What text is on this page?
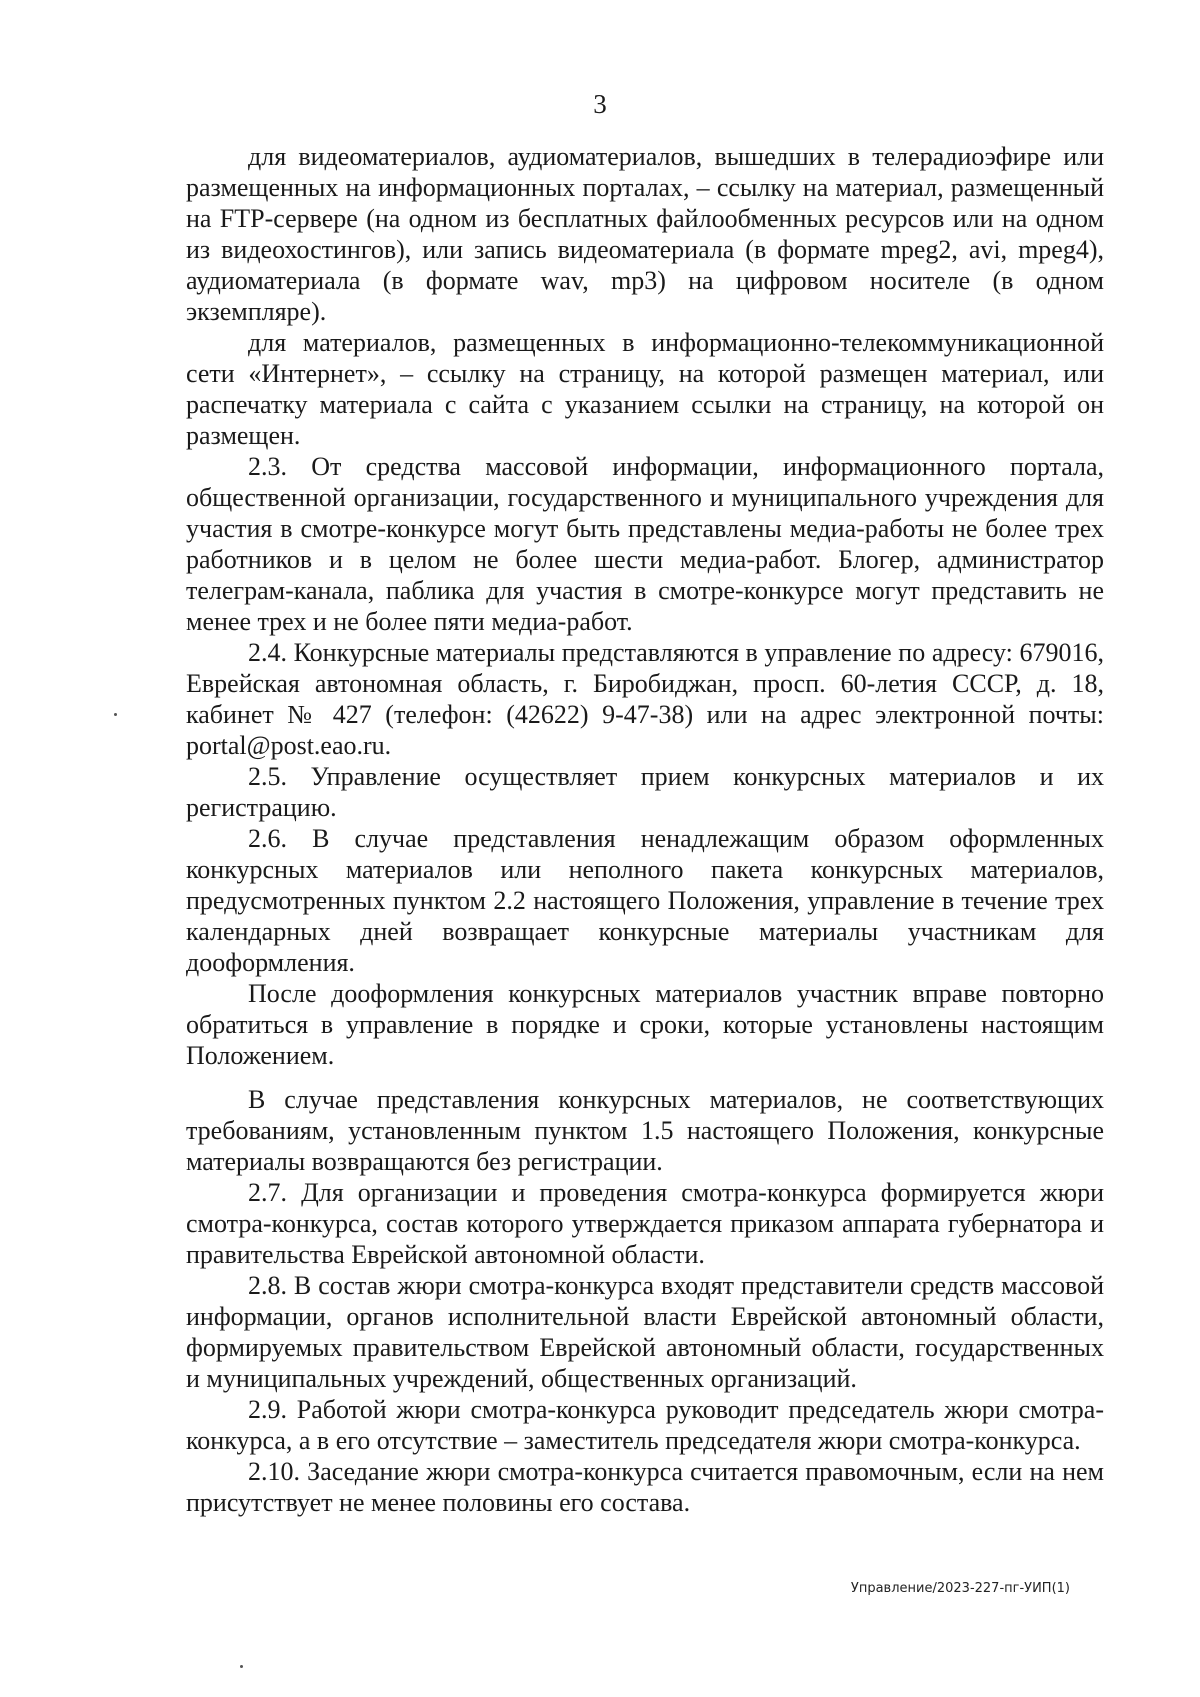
3

для видеоматериалов, аудиоматериалов, вышедших в телерадиоэфире или размещенных на информационных порталах, – ссылку на материал, размещенный на FTP-сервере (на одном из бесплатных файлообменных ресурсов или на одном из видеохостингов), или запись видеоматериала (в формате mpeg2, avi, mpeg4), аудиоматериала (в формате wav, mp3) на цифровом носителе (в одном экземпляре).

для материалов, размещенных в информационно-телекоммуникационной сети «Интернет», – ссылку на страницу, на которой размещен материал, или распечатку материала с сайта с указанием ссылки на страницу, на которой он размещен.

2.3. От средства массовой информации, информационного портала, общественной организации, государственного и муниципального учреждения для участия в смотре-конкурсе могут быть представлены медиа-работы не более трех работников и в целом не более шести медиа-работ. Блогер, администратор телеграм-канала, паблика для участия в смотре-конкурсе могут представить не менее трех и не более пяти медиа-работ.

2.4. Конкурсные материалы представляются в управление по адресу: 679016, Еврейская автономная область, г. Биробиджан, просп. 60-летия СССР, д. 18, кабинет № 427 (телефон: (42622) 9-47-38) или на адрес электронной почты: portal@post.eao.ru.

2.5. Управление осуществляет прием конкурсных материалов и их регистрацию.

2.6. В случае представления ненадлежащим образом оформленных конкурсных материалов или неполного пакета конкурсных материалов, предусмотренных пунктом 2.2 настоящего Положения, управление в течение трех календарных дней возвращает конкурсные материалы участникам для дооформления.

После дооформления конкурсных материалов участник вправе повторно обратиться в управление в порядке и сроки, которые установлены настоящим Положением.

В случае представления конкурсных материалов, не соответствующих требованиям, установленным пунктом 1.5 настоящего Положения, конкурсные материалы возвращаются без регистрации.

2.7. Для организации и проведения смотра-конкурса формируется жюри смотра-конкурса, состав которого утверждается приказом аппарата губернатора и правительства Еврейской автономной области.

2.8. В состав жюри смотра-конкурса входят представители средств массовой информации, органов исполнительной власти Еврейской автономный области, формируемых правительством Еврейской автономный области, государственных и муниципальных учреждений, общественных организаций.

2.9. Работой жюри смотра-конкурса руководит председатель жюри смотра-конкурса, а в его отсутствие – заместитель председателя жюри смотра-конкурса.

2.10. Заседание жюри смотра-конкурса считается правомочным, если на нем присутствует не менее половины его состава.

Управление/2023-227-пг-УИП(1)
